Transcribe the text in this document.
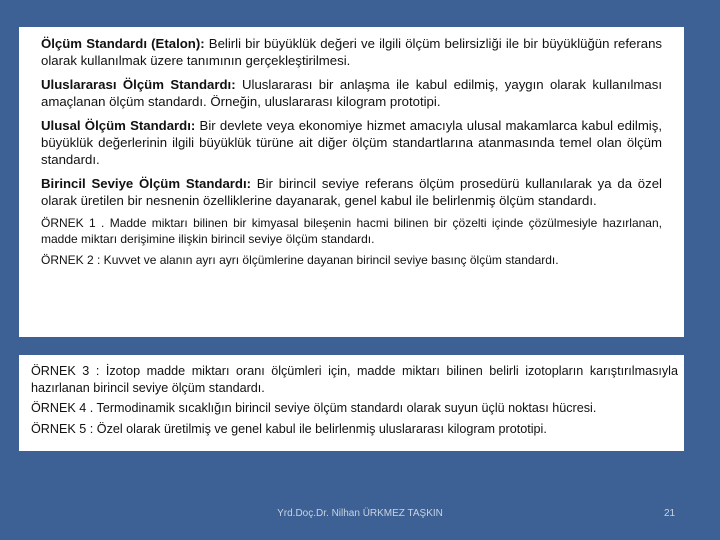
Ölçüm Standardı (Etalon): Belirli bir büyüklük değeri ve ilgili ölçüm belirsizliği ile bir büyüklüğün referans olarak kullanılmak üzere tanımının gerçekleştirilmesi.

Uluslararası Ölçüm Standardı: Uluslararası bir anlaşma ile kabul edilmiş, yaygın olarak kullanılması amaçlanan ölçüm standardı. Örneğin, uluslararası kilogram prototipi.

Ulusal Ölçüm Standardı: Bir devlete veya ekonomiye hizmet amacıyla ulusal makamlarca kabul edilmiş, büyüklük değerlerinin ilgili büyüklük türüne ait diğer ölçüm standartlarına atanmasında temel olan ölçüm standardı.

Birincil Seviye Ölçüm Standardı: Bir birincil seviye referans ölçüm prosedürü kullanılarak ya da özel olarak üretilen bir nesnenin özelliklerine dayanarak, genel kabul ile belirlenmiş ölçüm standardı.

ÖRNEK 1 . Madde miktarı bilinen bir kimyasal bileşenin hacmi bilinen bir çözelti içinde çözülmesiyle hazırlanan, madde miktarı derişimine ilişkin birincil seviye ölçüm standardı.

ÖRNEK 2 : Kuvvet ve alanın ayrı ayrı ölçümlerine dayanan birincil seviye basınç ölçüm standardı.

ÖRNEK 3 : İzotop madde miktarı oranı ölçümleri için, madde miktarı bilinen belirli izotopların karıştırılmasıyla hazırlanan birincil seviye ölçüm standardı.

ÖRNEK 4 . Termodinamik sıcaklığın birincil seviye ölçüm standardı olarak suyun üçlü noktası hücresi.

ÖRNEK 5 : Özel olarak üretilmiş ve genel kabul ile belirlenmiş uluslararası kilogram prototipi.

Yrd.Doç.Dr. Nilhan ÜRKMEZ TAŞKIN	21
